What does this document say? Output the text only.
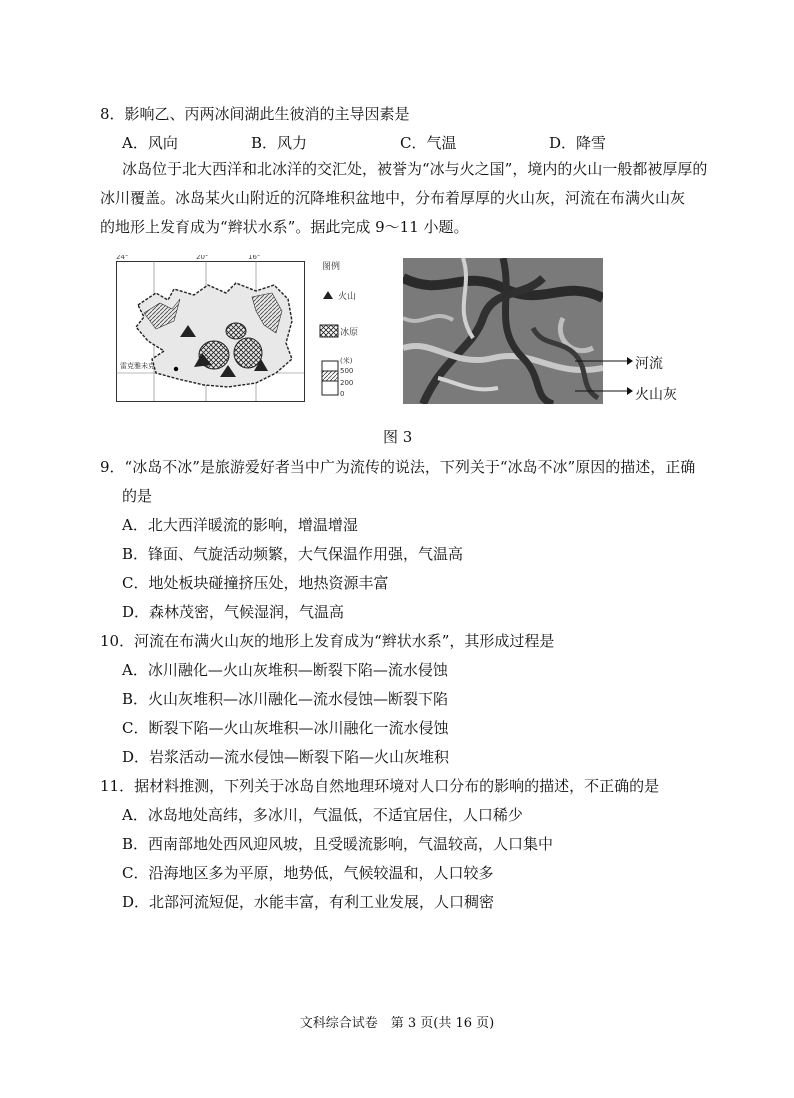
8．影响乙、丙两冰间湖此生彼消的主导因素是
A．风向	B．风力	C．气温	D．降雪
冰岛位于北大西洋和北冰洋的交汇处，被誉为“冰与火之国”，境内的火山一般都被厚厚的
冰川覆盖。冰岛某火山附近的沉降堆积盆地中，分布着厚厚的火山灰，河流在布满火山灰
的地形上发育成为“辫状水系”。据此完成 9～11 小题。
24°	20°	16°
雷克雅未克
图例
火山
冰原
(米)
500
200
0
河流
火山灰
图 3
9．“冰岛不冰”是旅游爱好者当中广为流传的说法，下列关于“冰岛不冰”原因的描述，正确
的是
A．北大西洋暖流的影响，增温增湿
B．锋面、气旋活动频繁，大气保温作用强，气温高
C．地处板块碰撞挤压处，地热资源丰富
D．森林茂密，气候湿润，气温高
10．河流在布满火山灰的地形上发育成为“辫状水系”，其形成过程是
A．冰川融化—火山灰堆积—断裂下陷—流水侵蚀
B．火山灰堆积—冰川融化—流水侵蚀—断裂下陷
C．断裂下陷—火山灰堆积—冰川融化一流水侵蚀
D．岩浆活动—流水侵蚀—断裂下陷—火山灰堆积
11．据材料推测，下列关于冰岛自然地理环境对人口分布的影响的描述，不正确的是
A．冰岛地处高纬，多冰川，气温低，不适宜居住，人口稀少
B．西南部地处西风迎风坡，且受暖流影响，气温较高，人口集中
C．沿海地区多为平原，地势低，气候较温和，人口较多
D．北部河流短促，水能丰富，有利工业发展，人口稠密
文科综合试卷　第 3 页(共 16 页)
